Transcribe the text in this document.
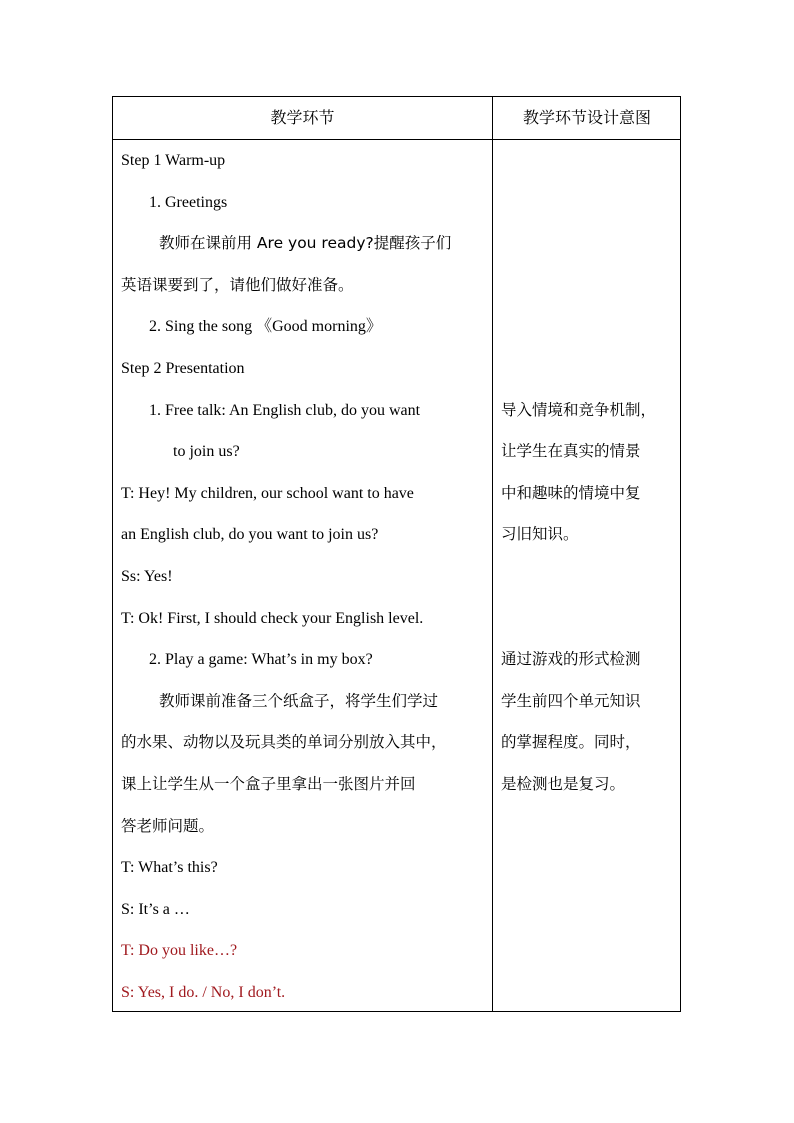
教学环节	教学环节设计意图
Step 1 Warm-up
1. Greetings
教师在课前用 Are you ready?提醒孩子们
英语课要到了，请他们做好准备。
2. Sing the song 《Good morning》
Step 2 Presentation
1. Free talk: An English club, do you want
to join us?
T: Hey! My children, our school want to have
an English club, do you want to join us?
Ss: Yes!
T: Ok! First, I should check your English level.
2. Play a game: What’s in my box?
教师课前准备三个纸盒子，将学生们学过
的水果、动物以及玩具类的单词分别放入其中，
课上让学生从一个盒子里拿出一张图片并回
答老师问题。
T: What’s this?
S: It’s a …
T: Do you like…?
S: Yes, I do. / No, I don’t.
导入情境和竞争机制，
让学生在真实的情景
中和趣味的情境中复
习旧知识。
通过游戏的形式检测
学生前四个单元知识
的掌握程度。同时，
是检测也是复习。
